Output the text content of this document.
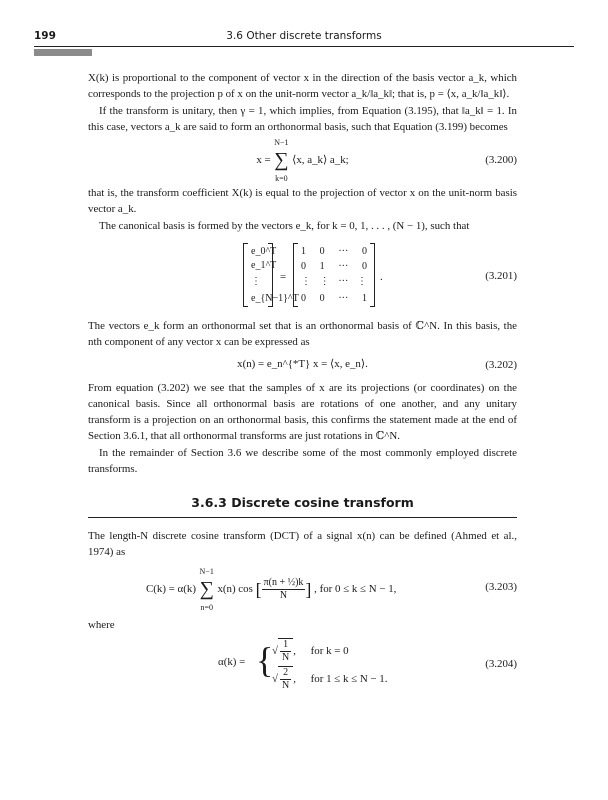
199	3.6 Other discrete transforms

X(k) is proportional to the component of vector x in the direction of the basis vector a_k, which corresponds to the projection p of x on the unit-norm vector a_k/‖a_k‖; that is, p = ⟨x, a_k/‖a_k‖⟩.

If the transform is unitary, then γ = 1, which implies, from Equation (3.195), that ‖a_k‖ = 1. In this case, vectors a_k are said to form an orthonormal basis, such that Equation (3.199) becomes

x =
N−1
∑
k=0
⟨x, a_k⟩ a_k;	(3.200)

that is, the transform coefficient X(k) is equal to the projection of vector x on the unit-norm basis vector a_k.

The canonical basis is formed by the vectors e_k, for k = 0, 1, . . . , (N − 1), such that

e_0^T
e_1^T
⋮
e_{N−1}^T
=
1 0 ··· 0
0 1 ··· 0
⋮ ⋮ ··· ⋮
0 0 ··· 1
.	(3.201)

The vectors e_k form an orthonormal set that is an orthonormal basis of ℂ^N. In this basis, the nth component of any vector x can be expressed as

x(n) = e_n^{*T} x = ⟨x, e_n⟩.	(3.202)

From equation (3.202) we see that the samples of x are its projections (or coordinates) on the canonical basis. Since all orthonormal basis are rotations of one another, and any unitary transform is a projection on an orthonormal basis, this confirms the statement made at the end of Section 3.6.1, that all orthonormal transforms are just rotations in ℂ^N.

In the remainder of Section 3.6 we describe some of the most commonly employed discrete transforms.

3.6.3 Discrete cosine transform

The length-N discrete cosine transform (DCT) of a signal x(n) can be defined (Ahmed et al., 1974) as

C(k) = α(k)
N−1
∑
n=0
x(n) cos [ $\frac{\text{π(n + ½)k}}{N}$ ] , for 0 ≤ k ≤ N − 1,	(3.203)

where

α(k) = {
√ $\frac{1}{N}$ , for k = 0
√ $\frac{2}{N}$ , for 1 ≤ k ≤ N − 1.
(3.204)
